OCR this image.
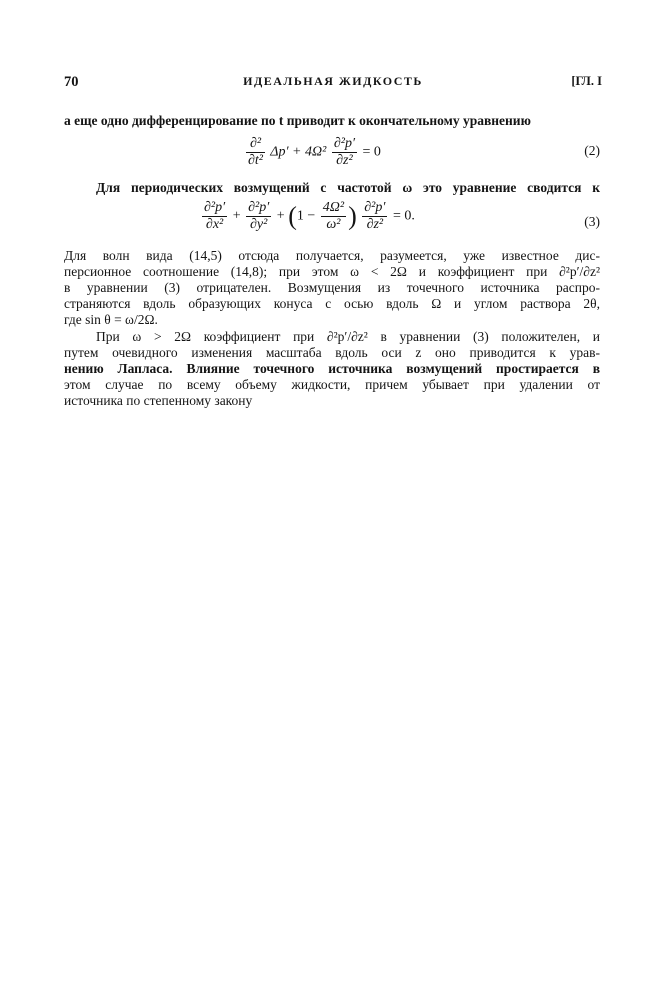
70	ИДЕАЛЬНАЯ ЖИДКОСТЬ	[ГЛ. I
а еще одно дифференцирование по t приводит к окончательному уравнению
$\frac{\text{∂²}}{\text{∂t²}} \Delta p' + 4\Omega^2 \frac{\text{∂²p′}}{\text{∂z²}} = 0$	(2)
Для периодических возмущений с частотой ω это уравнение сводится к
$\frac{\text{∂²p′}}{\text{∂x²}} + \frac{\text{∂²p′}}{\text{∂y²}} + (1 - \frac{\text{4Ω²}}{\text{ω²}}$ ) $\frac{\text{∂²p′}}{\text{∂z²}} = 0$.	(3)
Для волн вида (14,5) отсюда получается, разумеется, уже известное дис-
персионное соотношение (14,8); при этом ω < 2Ω и коэффициент при ∂²p′/∂z²
в уравнении (3) отрицателен. Возмущения из точечного источника распро-
страняются вдоль образующих конуса с осью вдоль Ω и углом раствора 2θ,
где sin θ = ω/2Ω.
При ω > 2Ω коэффициент при ∂²p′/∂z² в уравнении (3) положителен, и
путем очевидного изменения масштаба вдоль оси z оно приводится к урав-
нению Лапласа. Влияние точечного источника возмущений простирается в
этом случае по всему объему жидкости, причем убывает при удалении от
источника по степенному закону
